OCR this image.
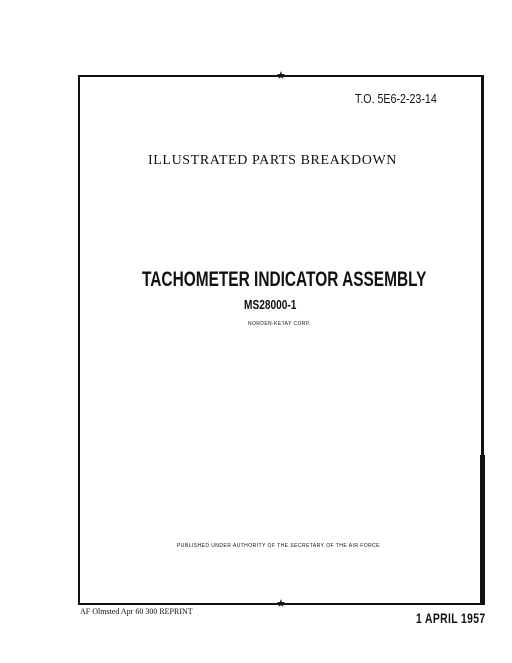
★
★
T.O. 5E6-2-23-14
ILLUSTRATED PARTS BREAKDOWN
TACHOMETER INDICATOR ASSEMBLY
MS28000-1
NORDEN-KETAY CORP.
PUBLISHED UNDER AUTHORITY OF THE SECRETARY OF THE AIR FORCE
AF Olmsted Apr 60 300 REPRINT	1 APRIL 1957
